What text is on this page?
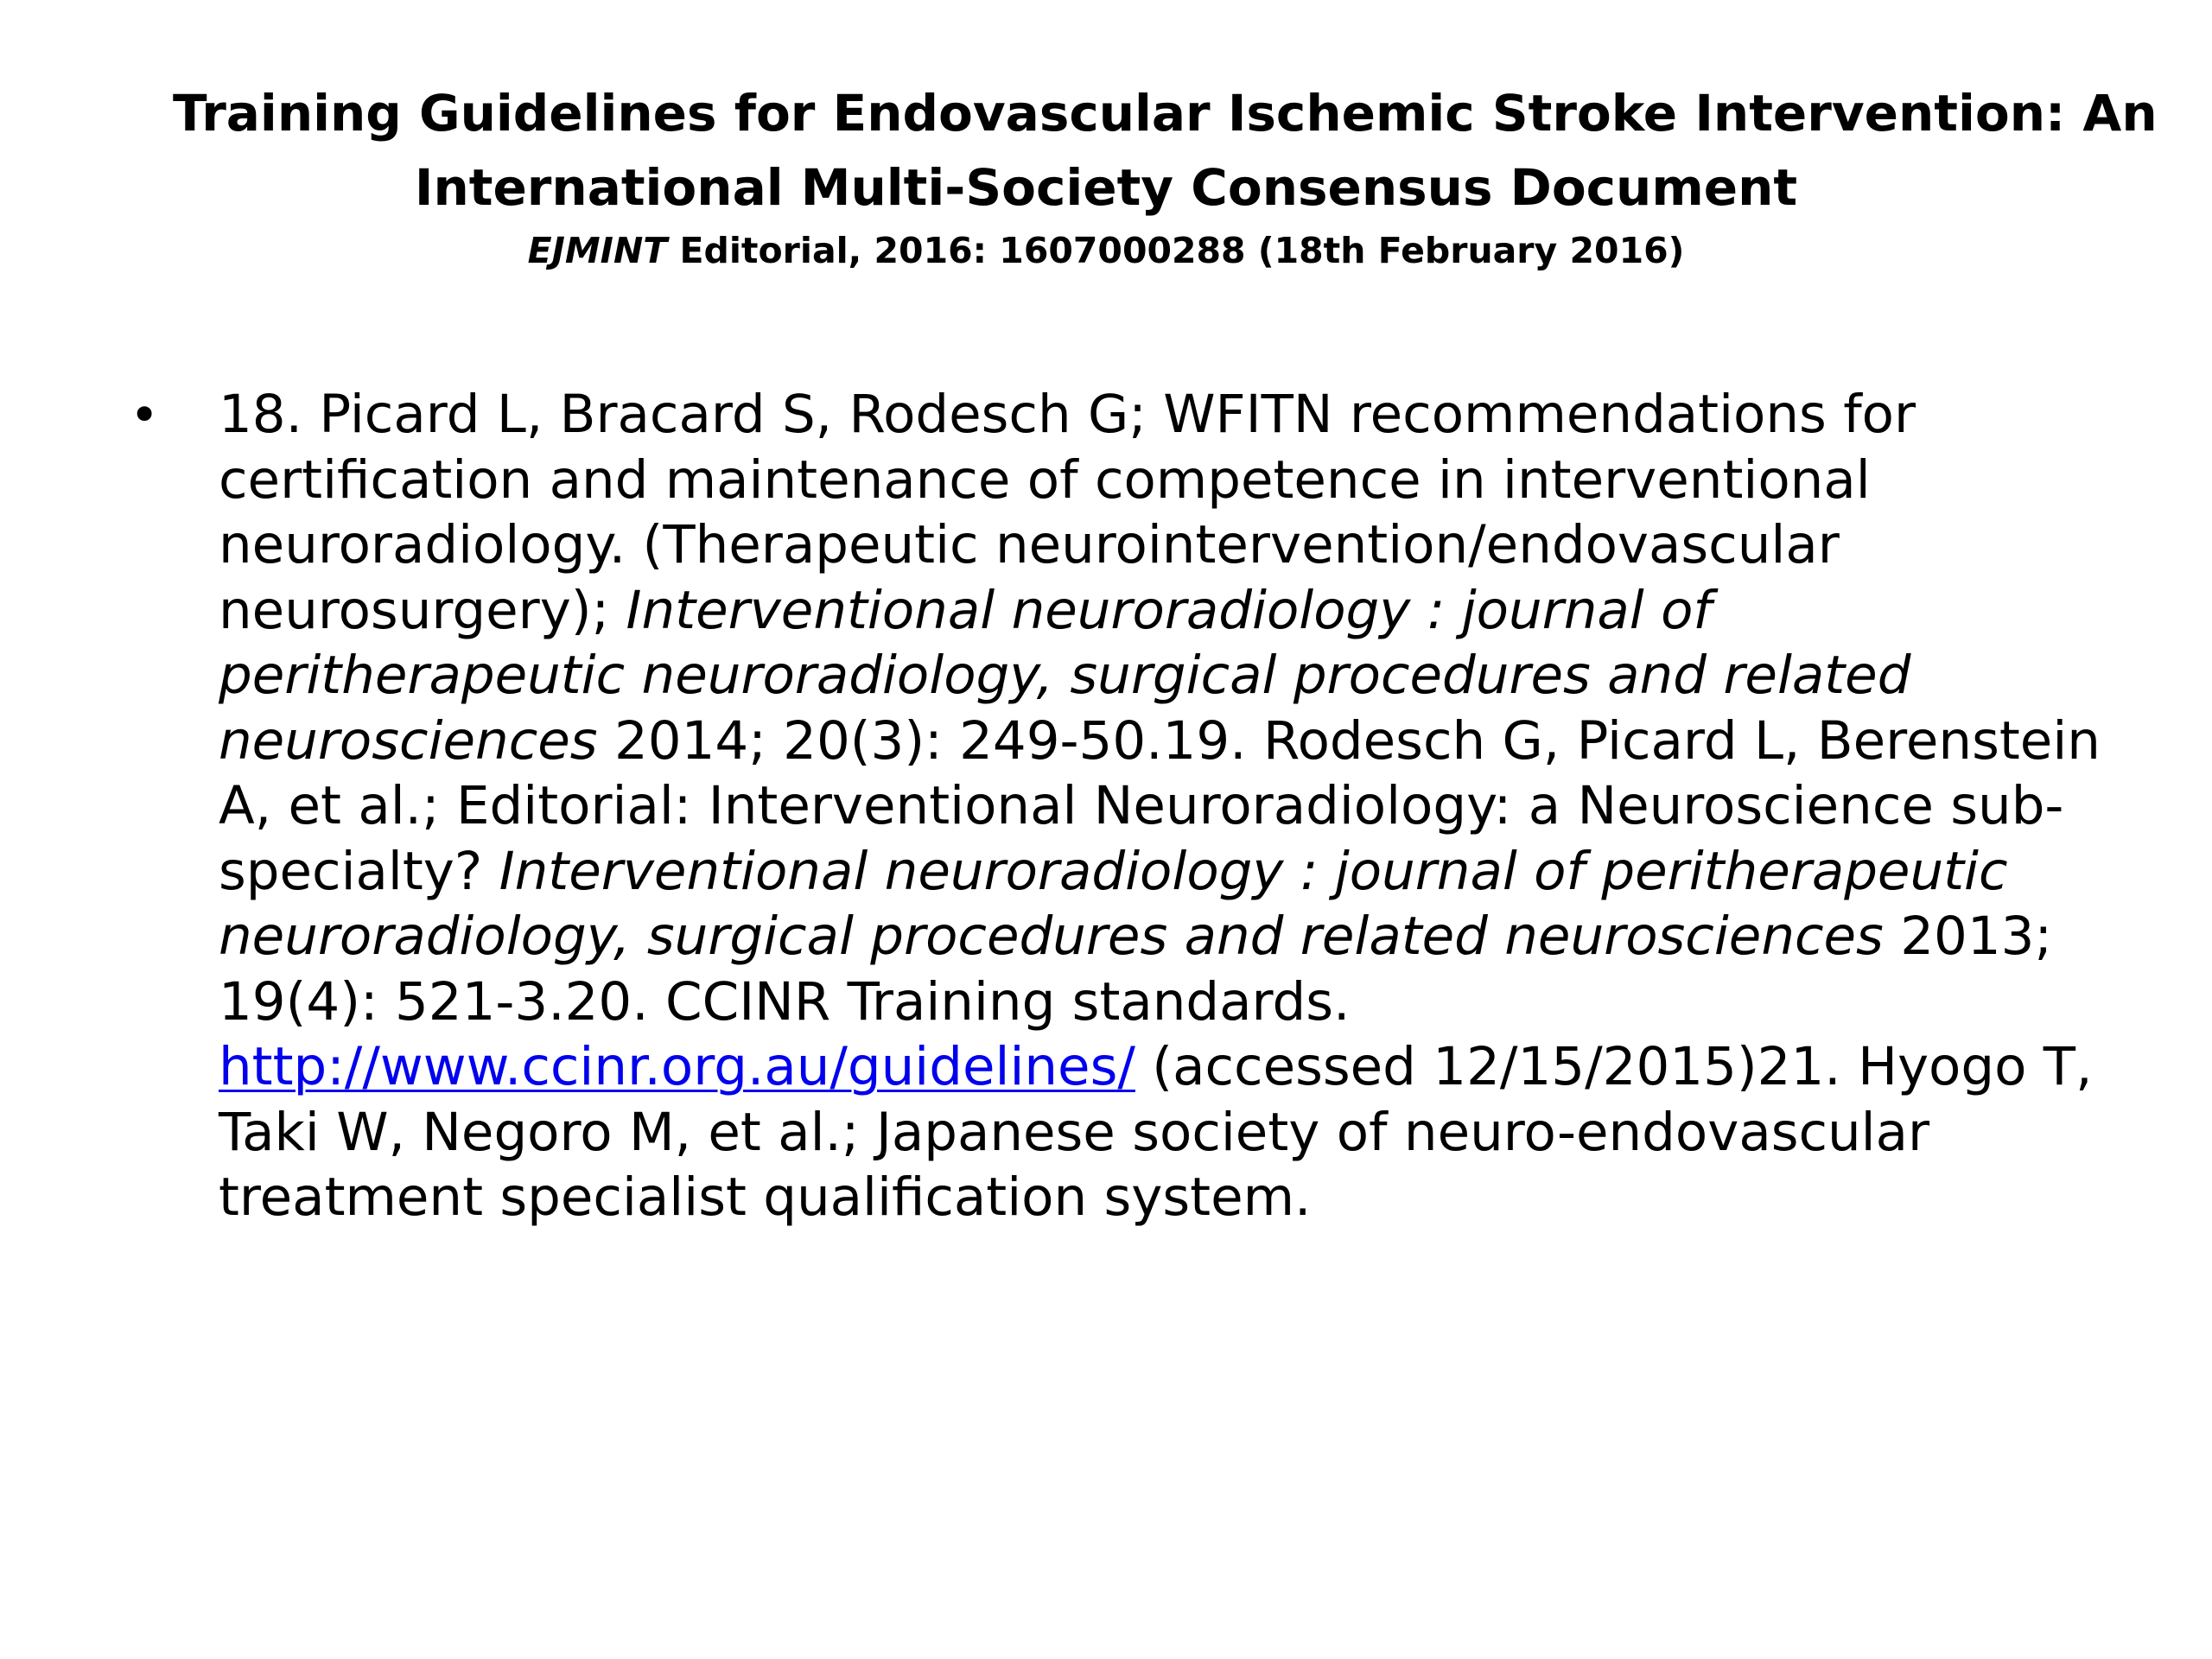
Training Guidelines for Endovascular Ischemic Stroke Intervention: An
International Multi-Society Consensus Document
EJMINT Editorial, 2016: 1607000288 (18th February 2016)
• 18. Picard L, Bracard S, Rodesch G; WFITN recommendations for certification and maintenance of competence in interventional neuroradiology. (Therapeutic neurointervention/endovascular neurosurgery); Interventional neuroradiology : journal of peritherapeutic neuroradiology, surgical procedures and related neurosciences 2014; 20(3): 249-50.19. Rodesch G, Picard L, Berenstein A, et al.; Editorial: Interventional Neuroradiology: a Neuroscience sub-specialty? Interventional neuroradiology : journal of peritherapeutic neuroradiology, surgical procedures and related neurosciences 2013; 19(4): 521-3.20. CCINR Training standards. http://www.ccinr.org.au/guidelines/ (accessed 12/15/2015)21. Hyogo T, Taki W, Negoro M, et al.; Japanese society of neuro-endovascular treatment specialist qualification system.
